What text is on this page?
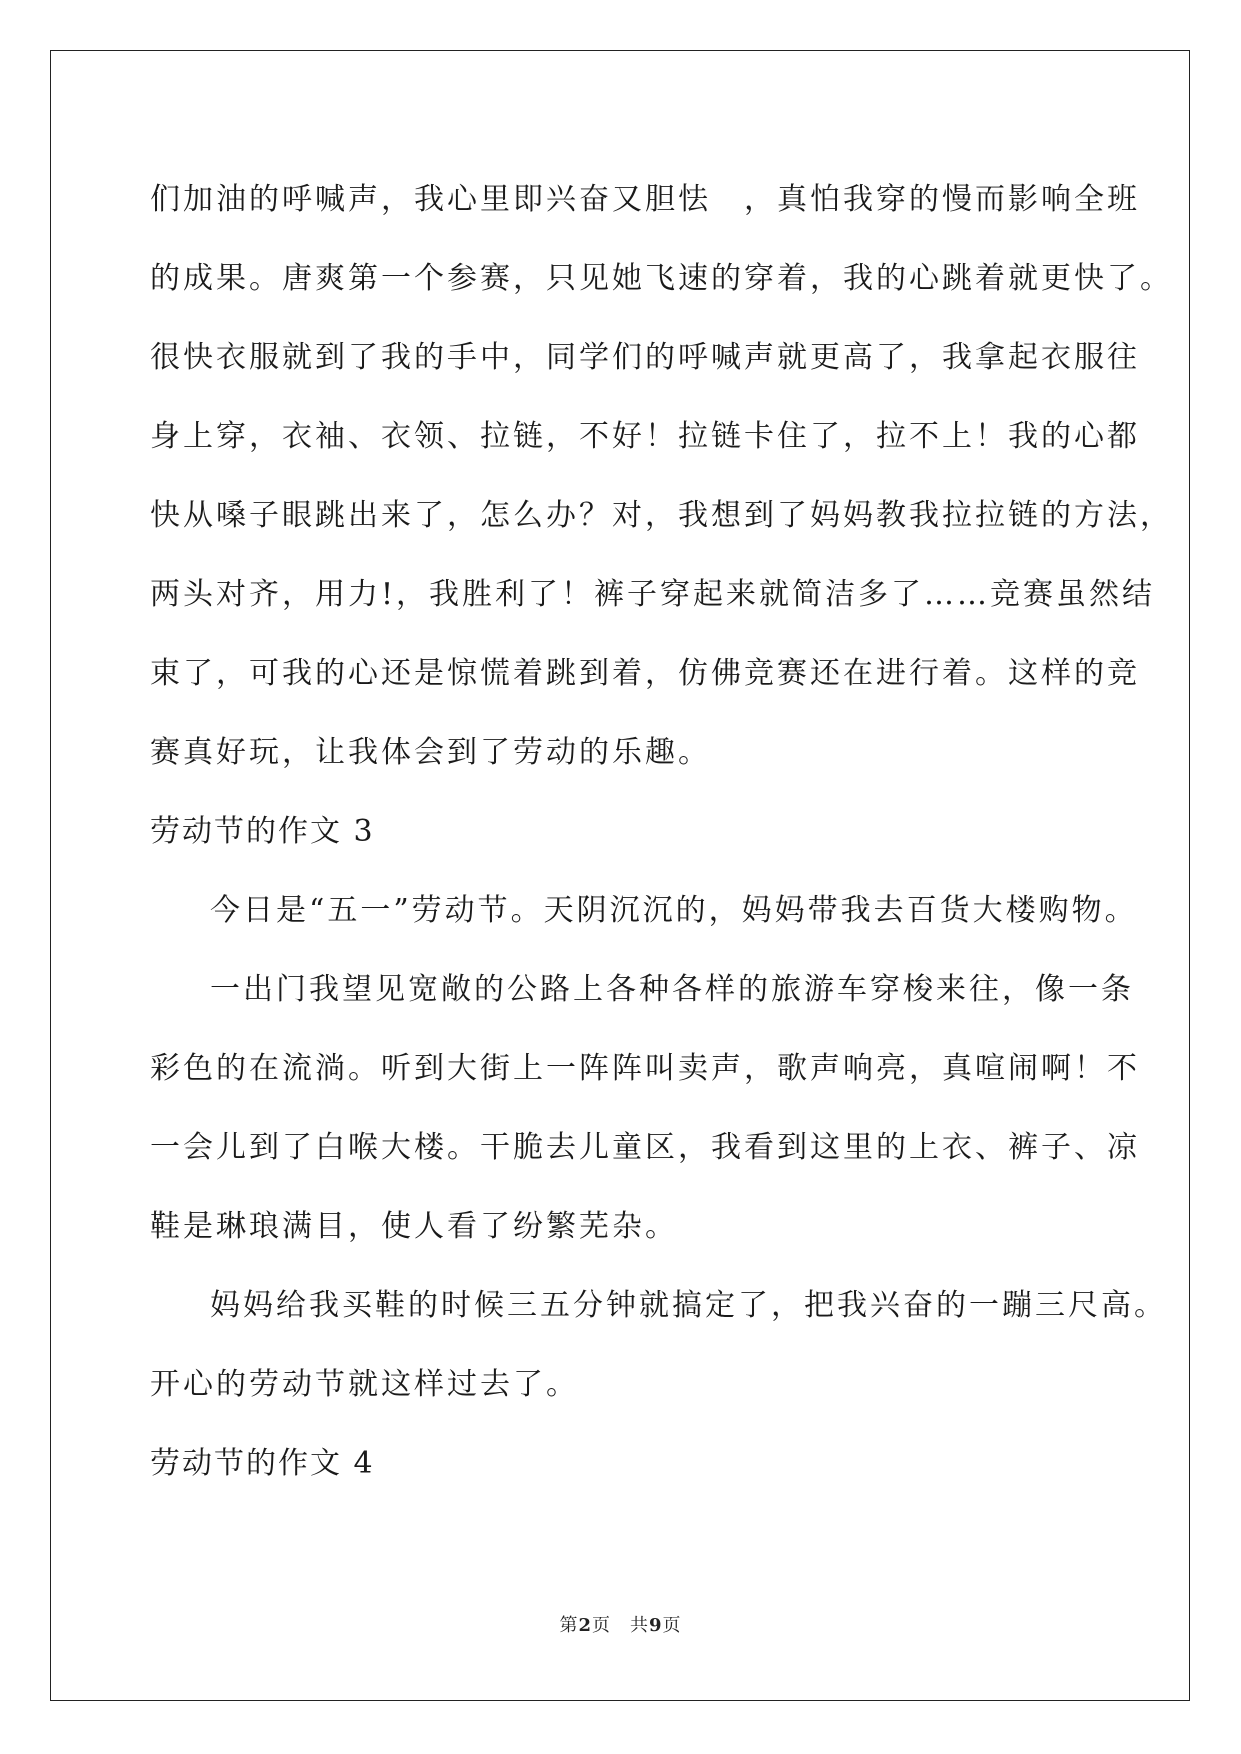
们加油的呼喊声，我心里即兴奋又胆怯　，真怕我穿的慢而影响全班
的成果。唐爽第一个参赛，只见她飞速的穿着，我的心跳着就更快了。
很快衣服就到了我的手中，同学们的呼喊声就更高了，我拿起衣服往
身上穿，衣袖、衣领、拉链，不好！拉链卡住了，拉不上！我的心都
快从嗓子眼跳出来了，怎么办？对，我想到了妈妈教我拉拉链的方法，
两头对齐，用力!，我胜利了！裤子穿起来就简洁多了……竞赛虽然结
束了，可我的心还是惊慌着跳到着，仿佛竞赛还在进行着。这样的竞
赛真好玩，让我体会到了劳动的乐趣。
劳动节的作文 3
今日是“五一”劳动节。天阴沉沉的，妈妈带我去百货大楼购物。
一出门我望见宽敞的公路上各种各样的旅游车穿梭来往，像一条
彩色的在流淌。听到大街上一阵阵叫卖声，歌声响亮，真喧闹啊！不
一会儿到了白喉大楼。干脆去儿童区，我看到这里的上衣、裤子、凉
鞋是琳琅满目，使人看了纷繁芜杂。
妈妈给我买鞋的时候三五分钟就搞定了，把我兴奋的一蹦三尺高。
开心的劳动节就这样过去了。
劳动节的作文 4
第2页　共9页
